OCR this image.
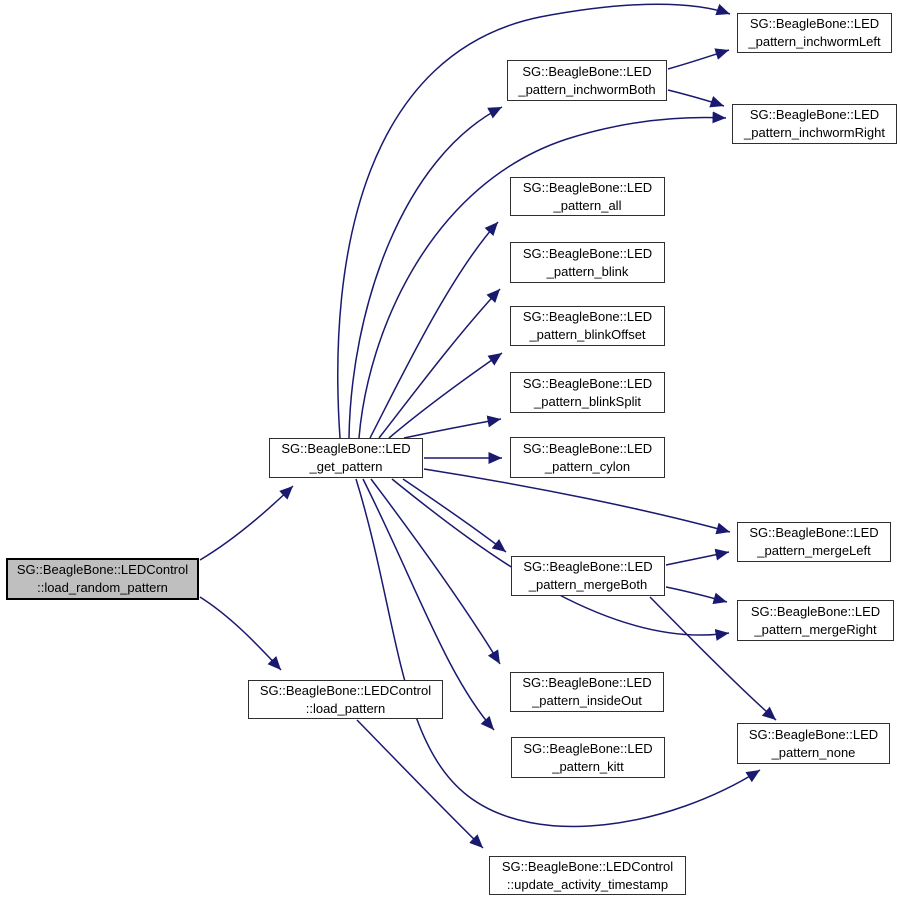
SG::BeagleBone::LEDControl
::load_random_pattern
SG::BeagleBone::LED
_get_pattern
SG::BeagleBone::LEDControl
::load_pattern
SG::BeagleBone::LEDControl
::update_activity_timestamp
SG::BeagleBone::LED
_pattern_inchwormBoth
SG::BeagleBone::LED
_pattern_inchwormLeft
SG::BeagleBone::LED
_pattern_inchwormRight
SG::BeagleBone::LED
_pattern_all
SG::BeagleBone::LED
_pattern_blink
SG::BeagleBone::LED
_pattern_blinkOffset
SG::BeagleBone::LED
_pattern_blinkSplit
SG::BeagleBone::LED
_pattern_cylon
SG::BeagleBone::LED
_pattern_mergeBoth
SG::BeagleBone::LED
_pattern_mergeLeft
SG::BeagleBone::LED
_pattern_mergeRight
SG::BeagleBone::LED
_pattern_insideOut
SG::BeagleBone::LED
_pattern_kitt
SG::BeagleBone::LED
_pattern_none
